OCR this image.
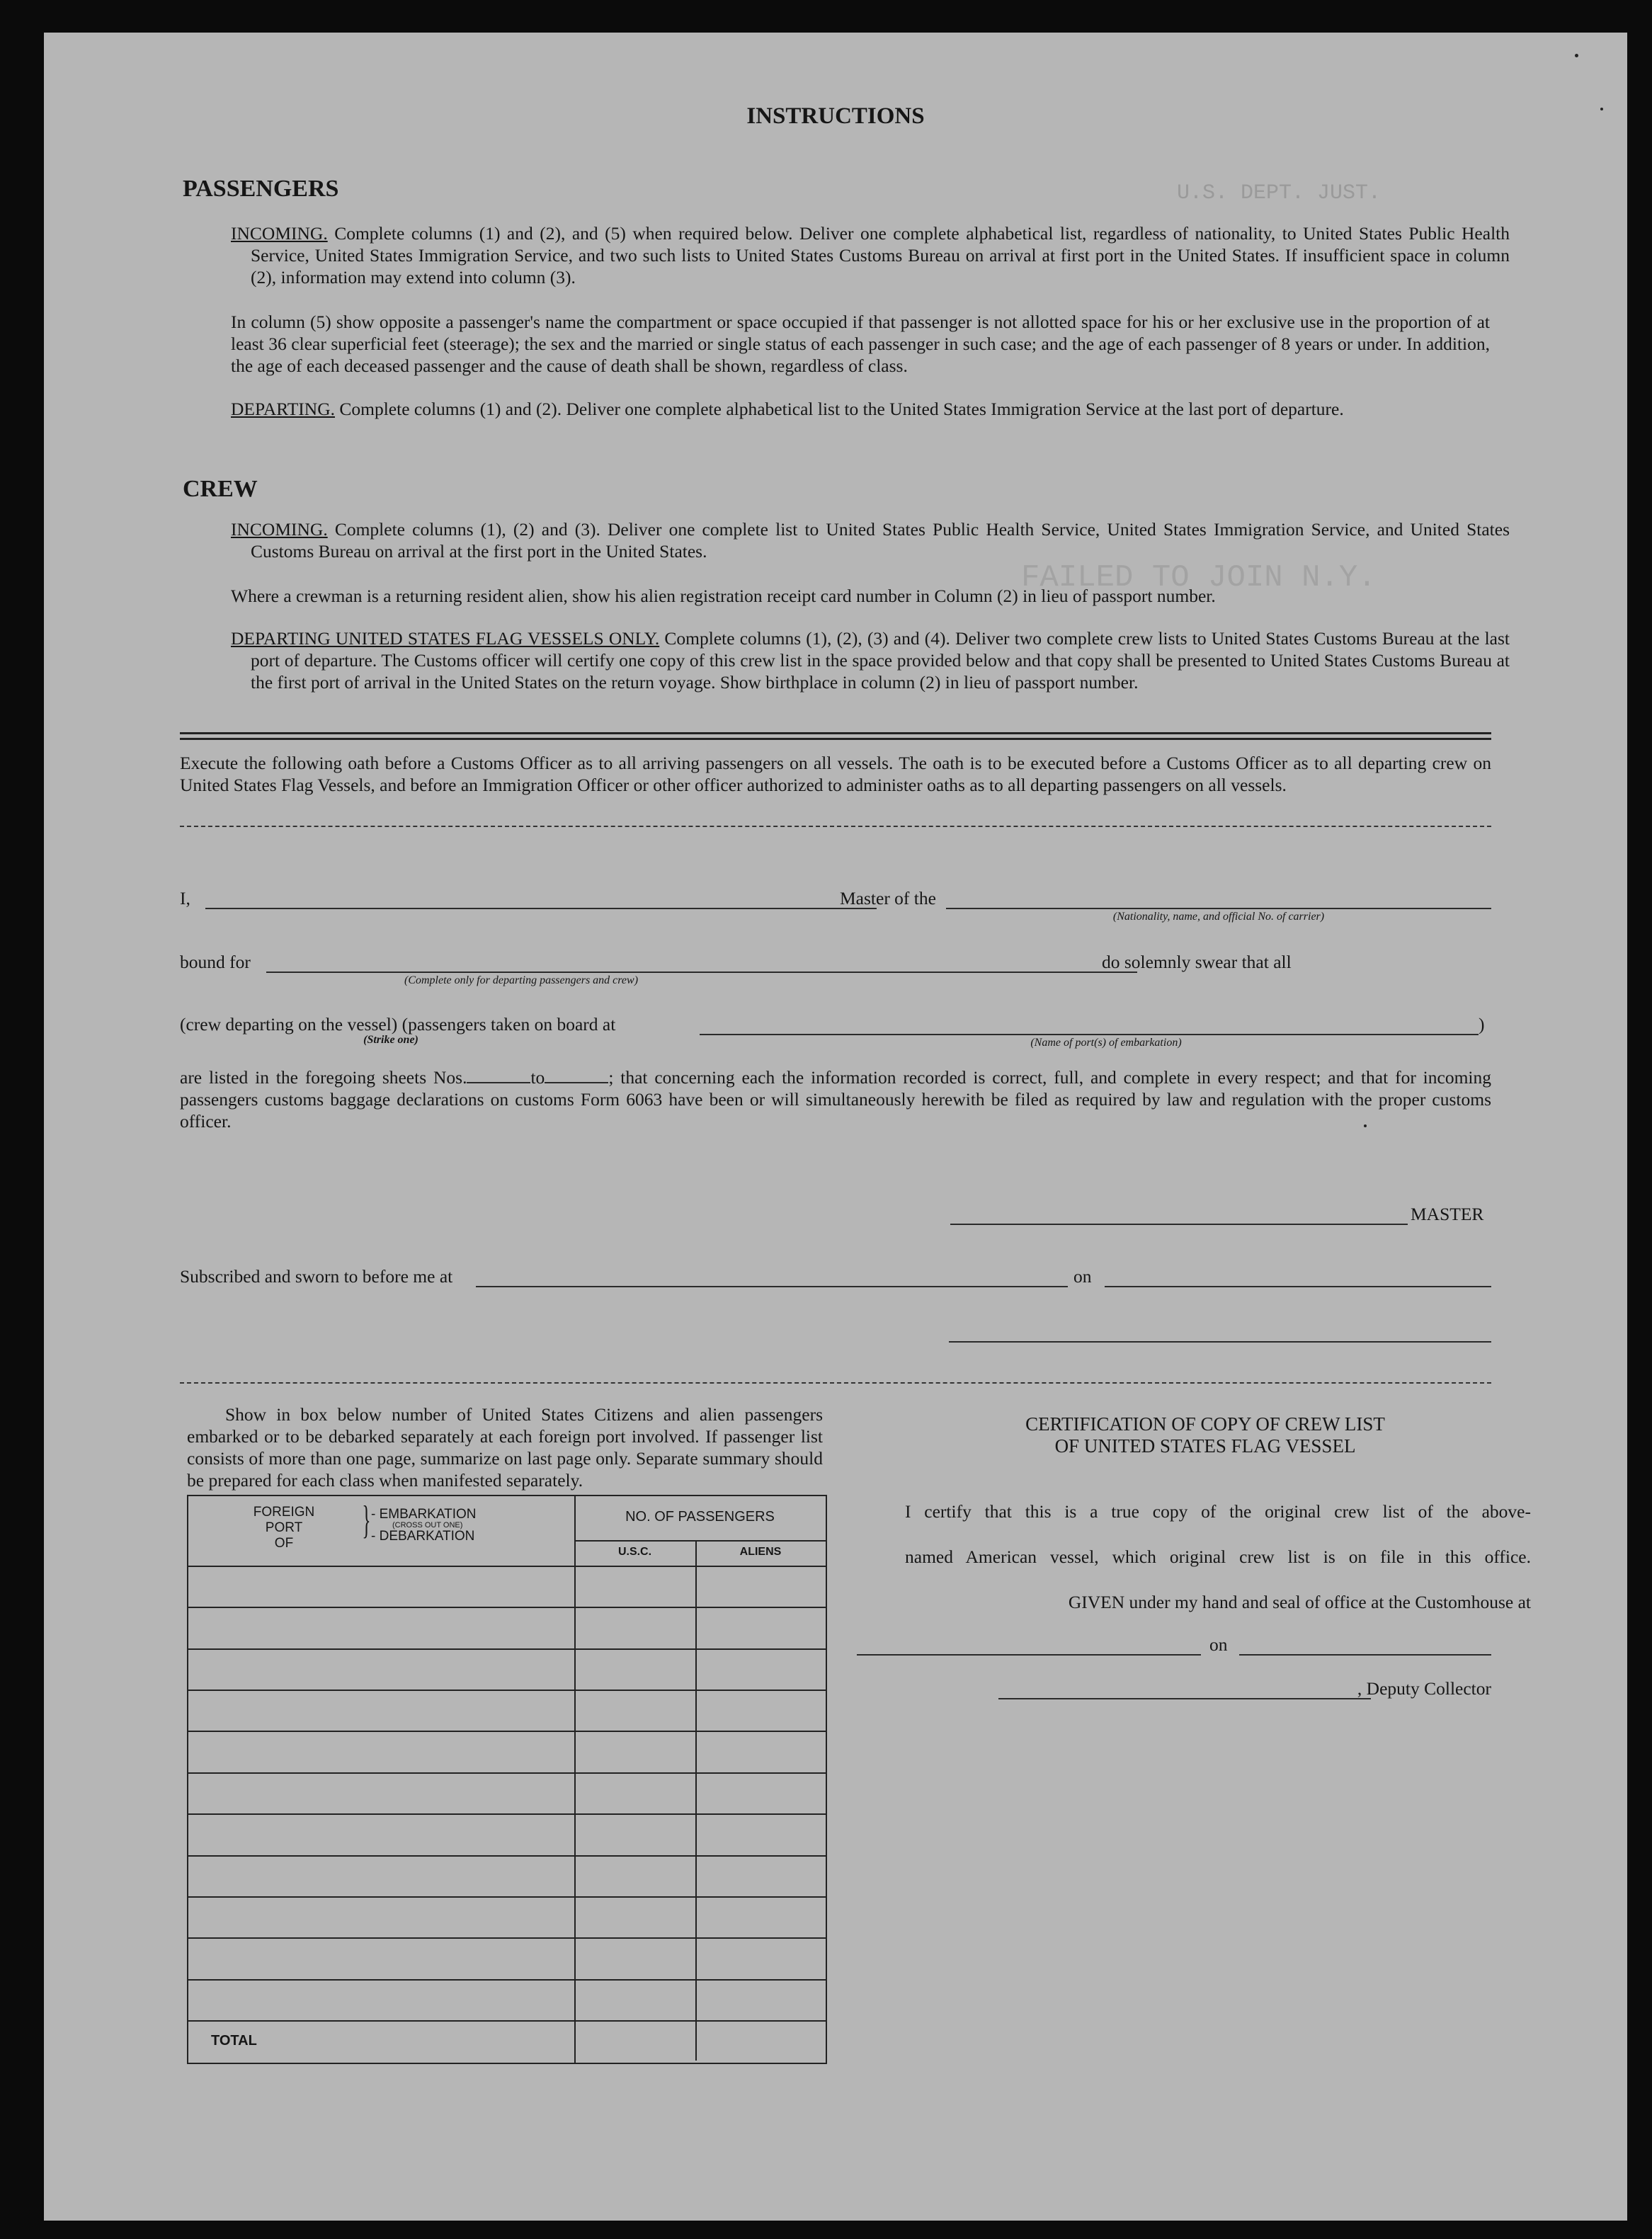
U.S. DEPT. JUST.
FAILED TO JOIN N.Y.
INSTRUCTIONS
PASSENGERS
INCOMING. Complete columns (1) and (2), and (5) when required below. Deliver one complete alphabetical list, regardless of nationality, to United States Public Health Service, United States Immigration Service, and two such lists to United States Customs Bureau on arrival at first port in the United States. If insufficient space in column (2), information may extend into column (3).
In column (5) show opposite a passenger's name the compartment or space occupied if that passenger is not allotted space for his or her exclusive use in the proportion of at least 36 clear superficial feet (steerage); the sex and the married or single status of each passenger in such case; and the age of each passenger of 8 years or under. In addition, the age of each deceased passenger and the cause of death shall be shown, regardless of class.
DEPARTING. Complete columns (1) and (2). Deliver one complete alphabetical list to the United States Immigration Service at the last port of departure.
CREW
INCOMING. Complete columns (1), (2) and (3). Deliver one complete list to United States Public Health Service, United States Immigration Service, and United States Customs Bureau on arrival at the first port in the United States.
Where a crewman is a returning resident alien, show his alien registration receipt card number in Column (2) in lieu of passport number.
DEPARTING UNITED STATES FLAG VESSELS ONLY. Complete columns (1), (2), (3) and (4). Deliver two complete crew lists to United States Customs Bureau at the last port of departure. The Customs officer will certify one copy of this crew list in the space provided below and that copy shall be presented to United States Customs Bureau at the first port of arrival in the United States on the return voyage. Show birthplace in column (2) in lieu of passport number.
Execute the following oath before a Customs Officer as to all arriving passengers on all vessels. The oath is to be executed before a Customs Officer as to all departing crew on United States Flag Vessels, and before an Immigration Officer or other officer authorized to administer oaths as to all departing passengers on all vessels.
I,	Master of the
(Nationality, name, and official No. of carrier)
bound for
(Complete only for departing passengers and crew)
do solemnly swear that all
(crew departing on the vessel) (passengers taken on board at
(Strike one)
)
(Name of port(s) of embarkation)
are listed in the foregoing sheets Nos.	to	; that concerning each the information recorded is correct, full, and complete in every respect; and that for incoming passengers customs baggage declarations on customs Form 6063 have been or will simultaneously herewith be filed as required by law and regulation with the proper customs officer.
MASTER
Subscribed and sworn to before me at	on
Show in box below number of United States Citizens and alien passengers embarked or to be debarked separately at each foreign port involved. If passenger list consists of more than one page, summarize on last page only. Separate summary should be prepared for each class when manifested separately.
FOREIGN
PORT
OF
} - EMBARKATION
(CROSS OUT ONE)
- DEBARKATION
NO. OF PASSENGERS
U.S.C.	ALIENS
TOTAL
CERTIFICATION OF COPY OF CREW LIST
OF UNITED STATES FLAG VESSEL
I certify that this is a true copy of the original crew list of the above-
named American vessel, which original crew list is on file in this office.
GIVEN under my hand and seal of office at the Customhouse at
on
, Deputy Collector
